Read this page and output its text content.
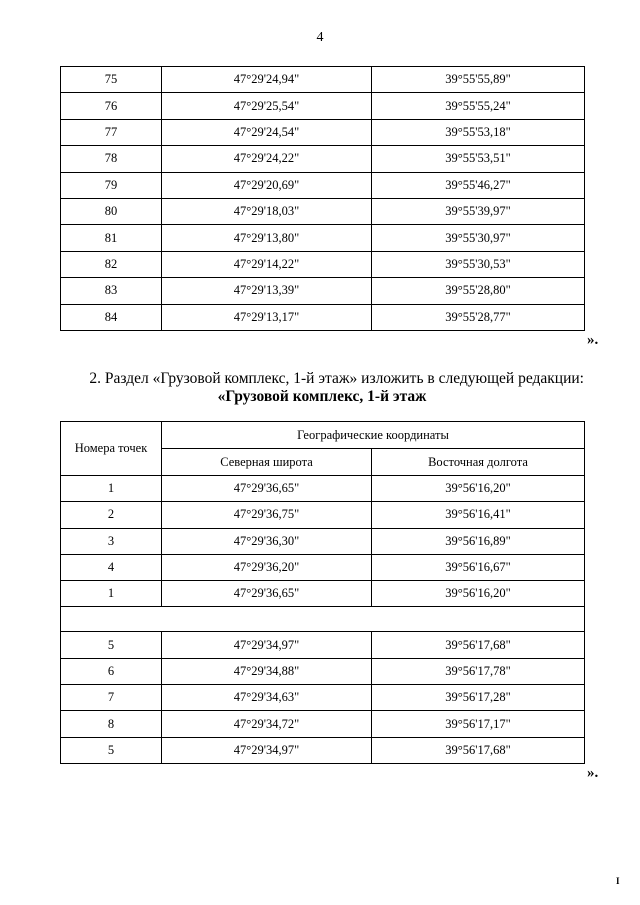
4
75	47°29'24,94"	39°55'55,89"
76	47°29'25,54"	39°55'55,24"
77	47°29'24,54"	39°55'53,18"
78	47°29'24,22"	39°55'53,51"
79	47°29'20,69"	39°55'46,27"
80	47°29'18,03"	39°55'39,97"
81	47°29'13,80"	39°55'30,97"
82	47°29'14,22"	39°55'30,53"
83	47°29'13,39"	39°55'28,80"
84	47°29'13,17"	39°55'28,77"
».
2. Раздел «Грузовой комплекс, 1-й этаж» изложить в следующей редакции:
«Грузовой комплекс, 1-й этаж
Номера точек	Географические координаты	
	Северная широта	Восточная долгота
1	47°29'36,65"	39°56'16,20"
2	47°29'36,75"	39°56'16,41"
3	47°29'36,30"	39°56'16,89"
4	47°29'36,20"	39°56'16,67"
1	47°29'36,65"	39°56'16,20"

5	47°29'34,97"	39°56'17,68"
6	47°29'34,88"	39°56'17,78"
7	47°29'34,63"	39°56'17,28"
8	47°29'34,72"	39°56'17,17"
5	47°29'34,97"	39°56'17,68"
».
I
